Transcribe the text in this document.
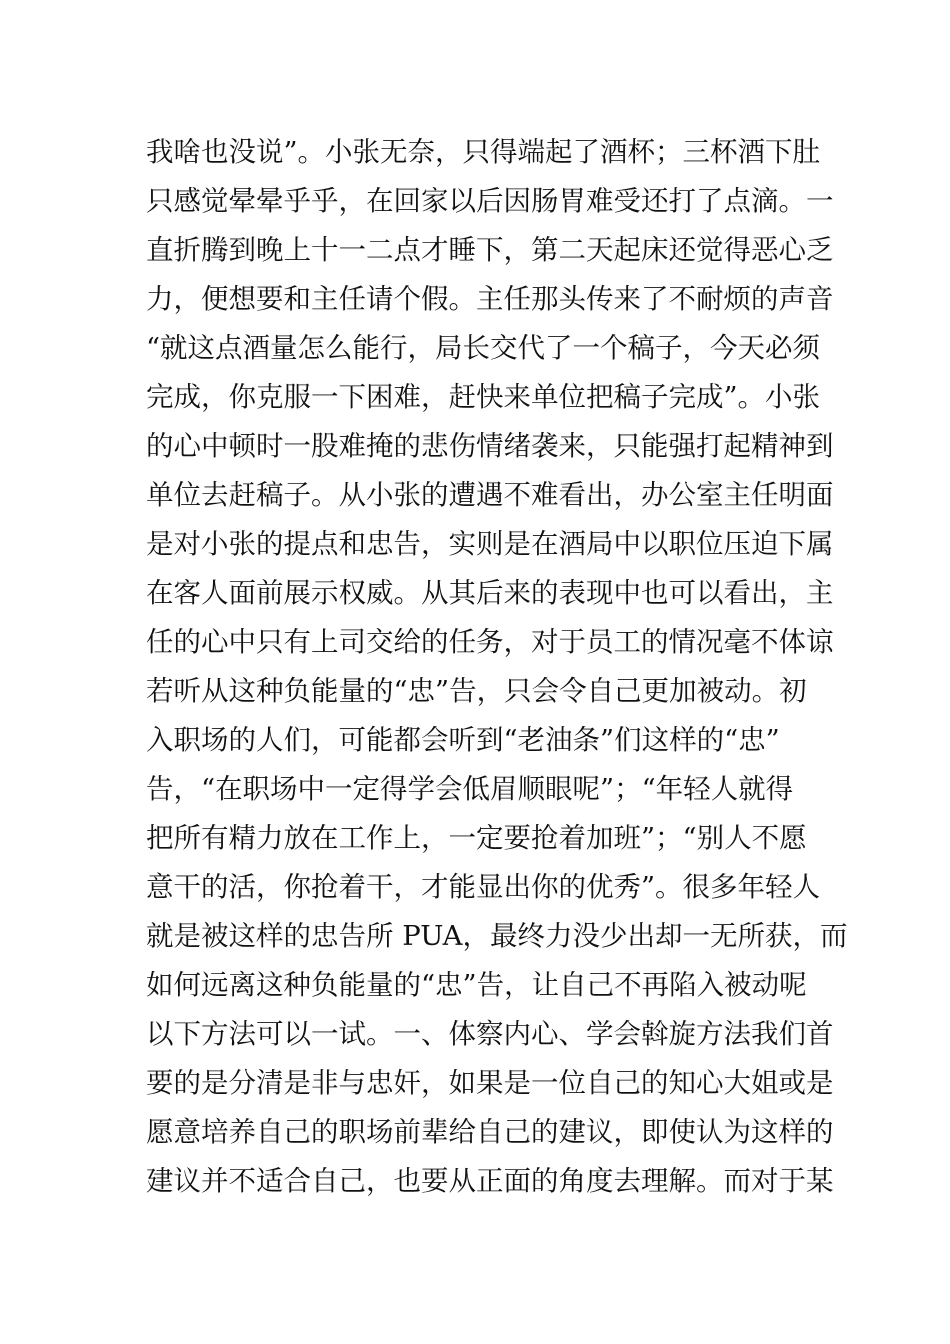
我啥也没说”。小张无奈，只得端起了酒杯；三杯酒下肚
只感觉晕晕乎乎，在回家以后因肠胃难受还打了点滴。一
直折腾到晚上十一二点才睡下，第二天起床还觉得恶心乏
力，便想要和主任请个假。主任那头传来了不耐烦的声音
“就这点酒量怎么能行，局长交代了一个稿子，今天必须
完成，你克服一下困难，赶快来单位把稿子完成”。小张
的心中顿时一股难掩的悲伤情绪袭来，只能强打起精神到
单位去赶稿子。从小张的遭遇不难看出，办公室主任明面
是对小张的提点和忠告，实则是在酒局中以职位压迫下属
在客人面前展示权威。从其后来的表现中也可以看出，主
任的心中只有上司交给的任务，对于员工的情况毫不体谅
若听从这种负能量的“忠”告，只会令自己更加被动。初
入职场的人们，可能都会听到“老油条”们这样的“忠”
告，“在职场中一定得学会低眉顺眼呢”；“年轻人就得
把所有精力放在工作上，一定要抢着加班”；“别人不愿
意干的活，你抢着干，才能显出你的优秀”。很多年轻人
就是被这样的忠告所 PUA，最终力没少出却一无所获，而
如何远离这种负能量的“忠”告，让自己不再陷入被动呢
以下方法可以一试。一、体察内心、学会斡旋方法我们首
要的是分清是非与忠奸，如果是一位自己的知心大姐或是
愿意培养自己的职场前辈给自己的建议，即使认为这样的
建议并不适合自己，也要从正面的角度去理解。而对于某
